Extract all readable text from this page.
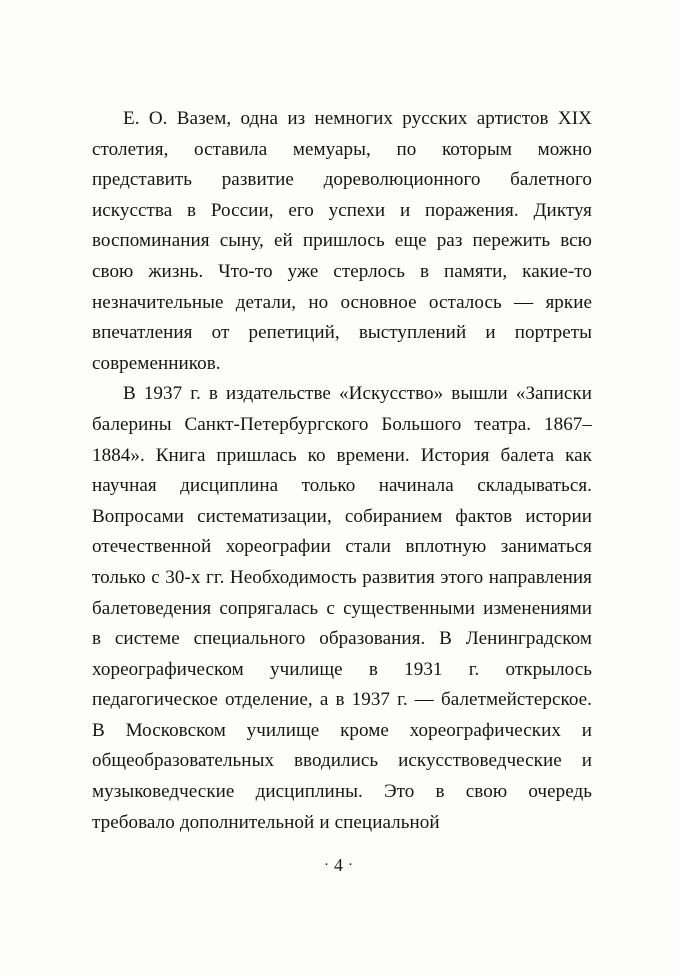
Е. О. Вазем, одна из немногих русских артистов XIX столетия, оставила мемуары, по которым можно представить развитие дореволюционного балетного искусства в России, его успехи и поражения. Диктуя воспоминания сыну, ей пришлось еще раз пережить всю свою жизнь. Что-то уже стерлось в памяти, какие-то незначительные детали, но основное осталось — яркие впечатления от репетиций, выступлений и портреты современников.

В 1937 г. в издательстве «Искусство» вышли «Записки балерины Санкт-Петербургского Большого театра. 1867–1884». Книга пришлась ко времени. История балета как научная дисциплина только начинала складываться. Вопросами систематизации, собиранием фактов истории отечественной хореографии стали вплотную заниматься только с 30-х гг. Необходимость развития этого направления балетоведения сопрягалась с существенными изменениями в системе специального образования. В Ленинградском хореографическом училище в 1931 г. открылось педагогическое отделение, а в 1937 г. — балетмейстерское. В Московском училище кроме хореографических и общеобразовательных вводились искусствоведческие и музыковедческие дисциплины. Это в свою очередь требовало дополнительной и специальной

· 4 ·
